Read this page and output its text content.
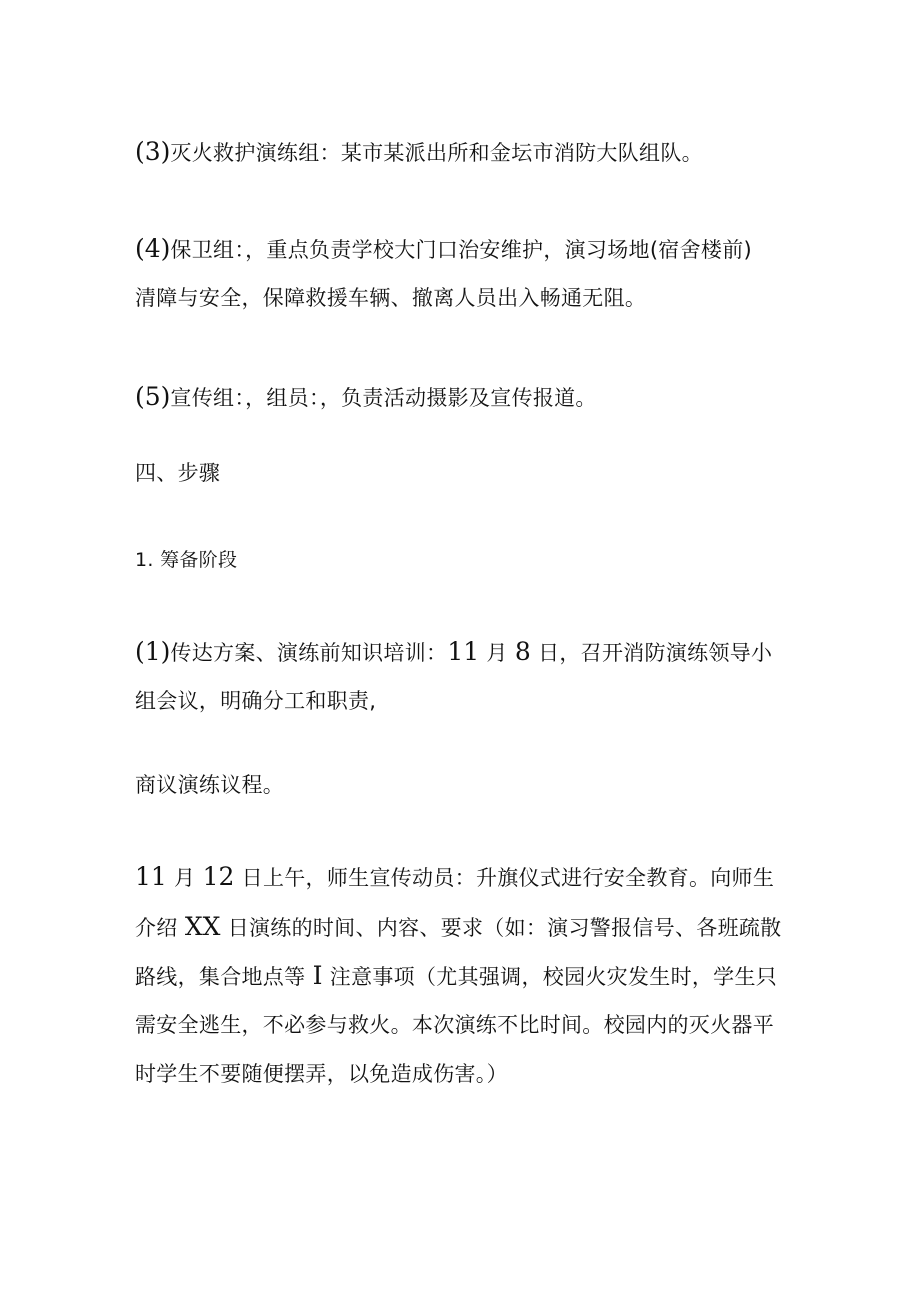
(3)灭火救护演练组：某市某派出所和金坛市消防大队组队。

(4)保卫组：，重点负责学校大门口治安维护，演习场地(宿舍楼前)

清障与安全，保障救援车辆、撤离人员出入畅通无阻。

(5)宣传组：，组员：，负责活动摄影及宣传报道。

四、步骤

1. 筹备阶段

(1)传达方案、演练前知识培训：11  月  8  日，召开消防演练领导小

组会议，明确分工和职责,

商议演练议程。

11  月  12  日上午，师生宣传动员：升旗仪式进行安全教育。向师生

介绍  XX  日演练的时间、内容、要求（如：演习警报信号、各班疏散

路线，集合地点等  I  注意事项（尤其强调，校园火灾发生时，学生只

需安全逃生，不必参与救火。本次演练不比时间。校园内的灭火器平

时学生不要随便摆弄，以免造成伤害。）
